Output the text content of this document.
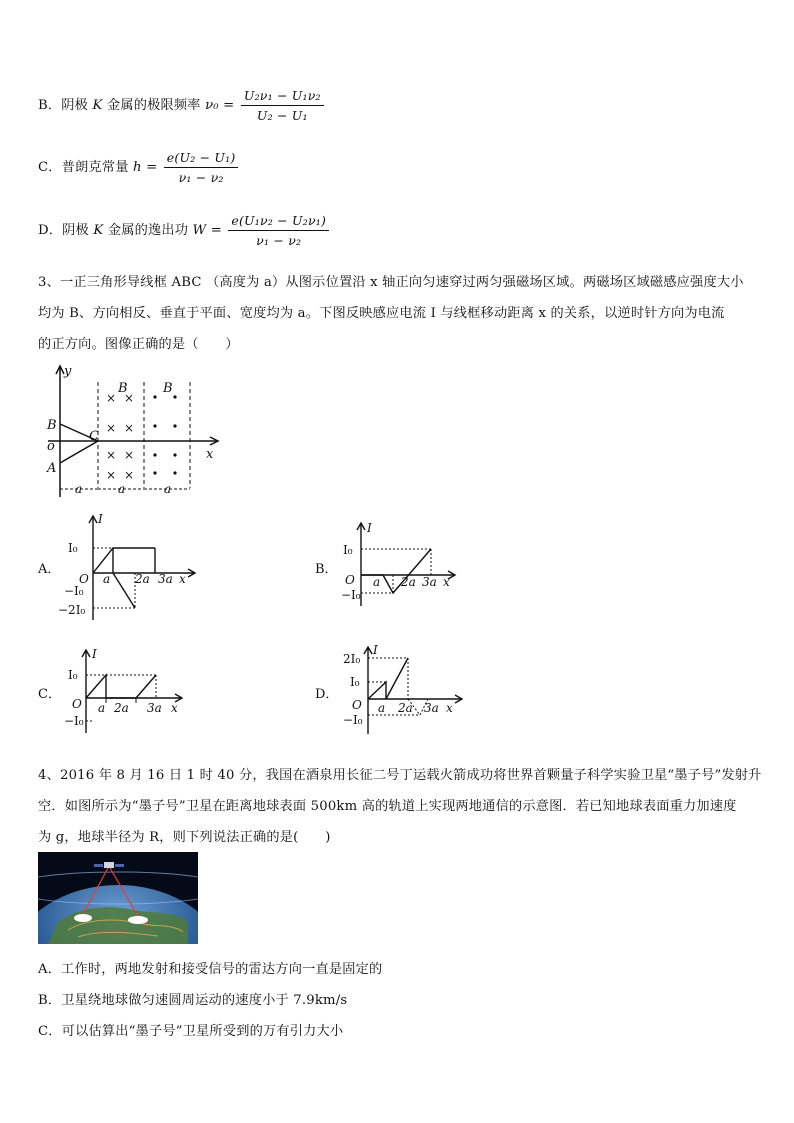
B．阴极 K 金属的极限频率 $\nu_0 = \frac{\text{U₂ν₁ − U₁ν₂}}{\text{U₂ − U₁}}$
C．普朗克常量 $h = \frac{\text{e(U₂ − U₁)}}{\text{ν₁ − ν₂}}$
D．阴极 K 金属的逸出功 $W = \frac{\text{e(U₁ν₂ − U₂ν₁)}}{\text{ν₁ − ν₂}}$
3、一正三角形导线框 ABC （高度为 a）从图示位置沿 x 轴正向匀速穿过两匀强磁场区域。两磁场区域磁感应强度大小
均为 B、方向相反、垂直于平面、宽度均为 a。下图反映感应电流 I 与线框移动距离 x 的关系，以逆时针方向为电流
的正方向。图像正确的是（　　）
× ×
× ×
× ×
× ×
y
x
o
A
B
C
B	B
a	a	a
A．	B．
C．	D．
I
I₀
O
−I₀
−2I₀
a 2a 3a x
I
I₀
O
−I₀
a 2a 3a x
I
I₀
O
−I₀
a 2a 3a x
I
2I₀
I₀
O
−I₀
a 2a 3a x
4、2016 年 8 月 16 日 1 时 40 分，我国在酒泉用长征二号丁运载火箭成功将世界首颗量子科学实验卫星“墨子号”发射升
空．如图所示为“墨子号”卫星在距离地球表面 500km 高的轨道上实现两地通信的示意图．若已知地球表面重力加速度
为 g，地球半径为 R，则下列说法正确的是(　　)
A．工作时，两地发射和接受信号的雷达方向一直是固定的
B．卫星绕地球做匀速圆周运动的速度小于 7.9km/s
C．可以估算出“墨子号”卫星所受到的万有引力大小
